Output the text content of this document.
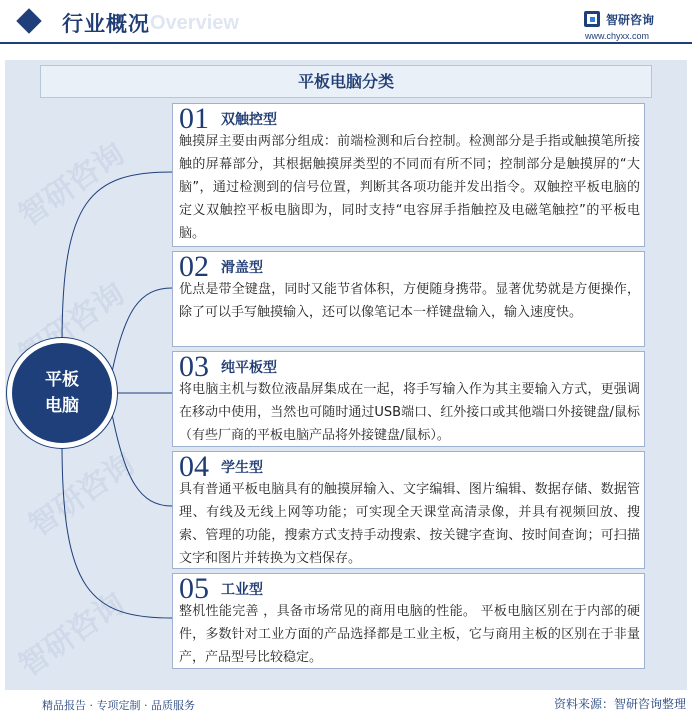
Overview
行业概况	智研咨询
www.chyxx.com
平板电脑分类
平板
电脑
01 双触控型
触摸屏主要由两部分组成：前端检测和后台控制。检测部分是手指或触摸笔所接触的屏幕部分，其根据触摸屏类型的不同而有所不同；控制部分是触摸屏的“大脑”，通过检测到的信号位置，判断其各项功能并发出指令。双触控平板电脑的定义双触控平板电脑即为，同时支持“电容屏手指触控及电磁笔触控”的平板电脑。
02 滑盖型
优点是带全键盘，同时又能节省体积，方便随身携带。显著优势就是方便操作，除了可以手写触摸输入，还可以像笔记本一样键盘输入，输入速度快。
03 纯平板型
将电脑主机与数位液晶屏集成在一起，将手写输入作为其主要输入方式，更强调在移动中使用，当然也可随时通过USB端口、红外接口或其他端口外接键盘/鼠标（有些厂商的平板电脑产品将外接键盘/鼠标）。
04 学生型
具有普通平板电脑具有的触摸屏输入、文字编辑、图片编辑、数据存储、数据管理、有线及无线上网等功能；可实现全天课堂高清录像，并具有视频回放、搜索、管理的功能，搜索方式支持手动搜索、按关键字查询、按时间查询；可扫描文字和图片并转换为文档保存。
05 工业型
整机性能完善 ，具备市场常见的商用电脑的性能。 平板电脑区别在于内部的硬件，多数针对工业方面的产品选择都是工业主板，它与商用主板的区别在于非量产，产品型号比较稳定。
精品报告 · 专项定制 · 品质服务	资料来源：智研咨询整理
